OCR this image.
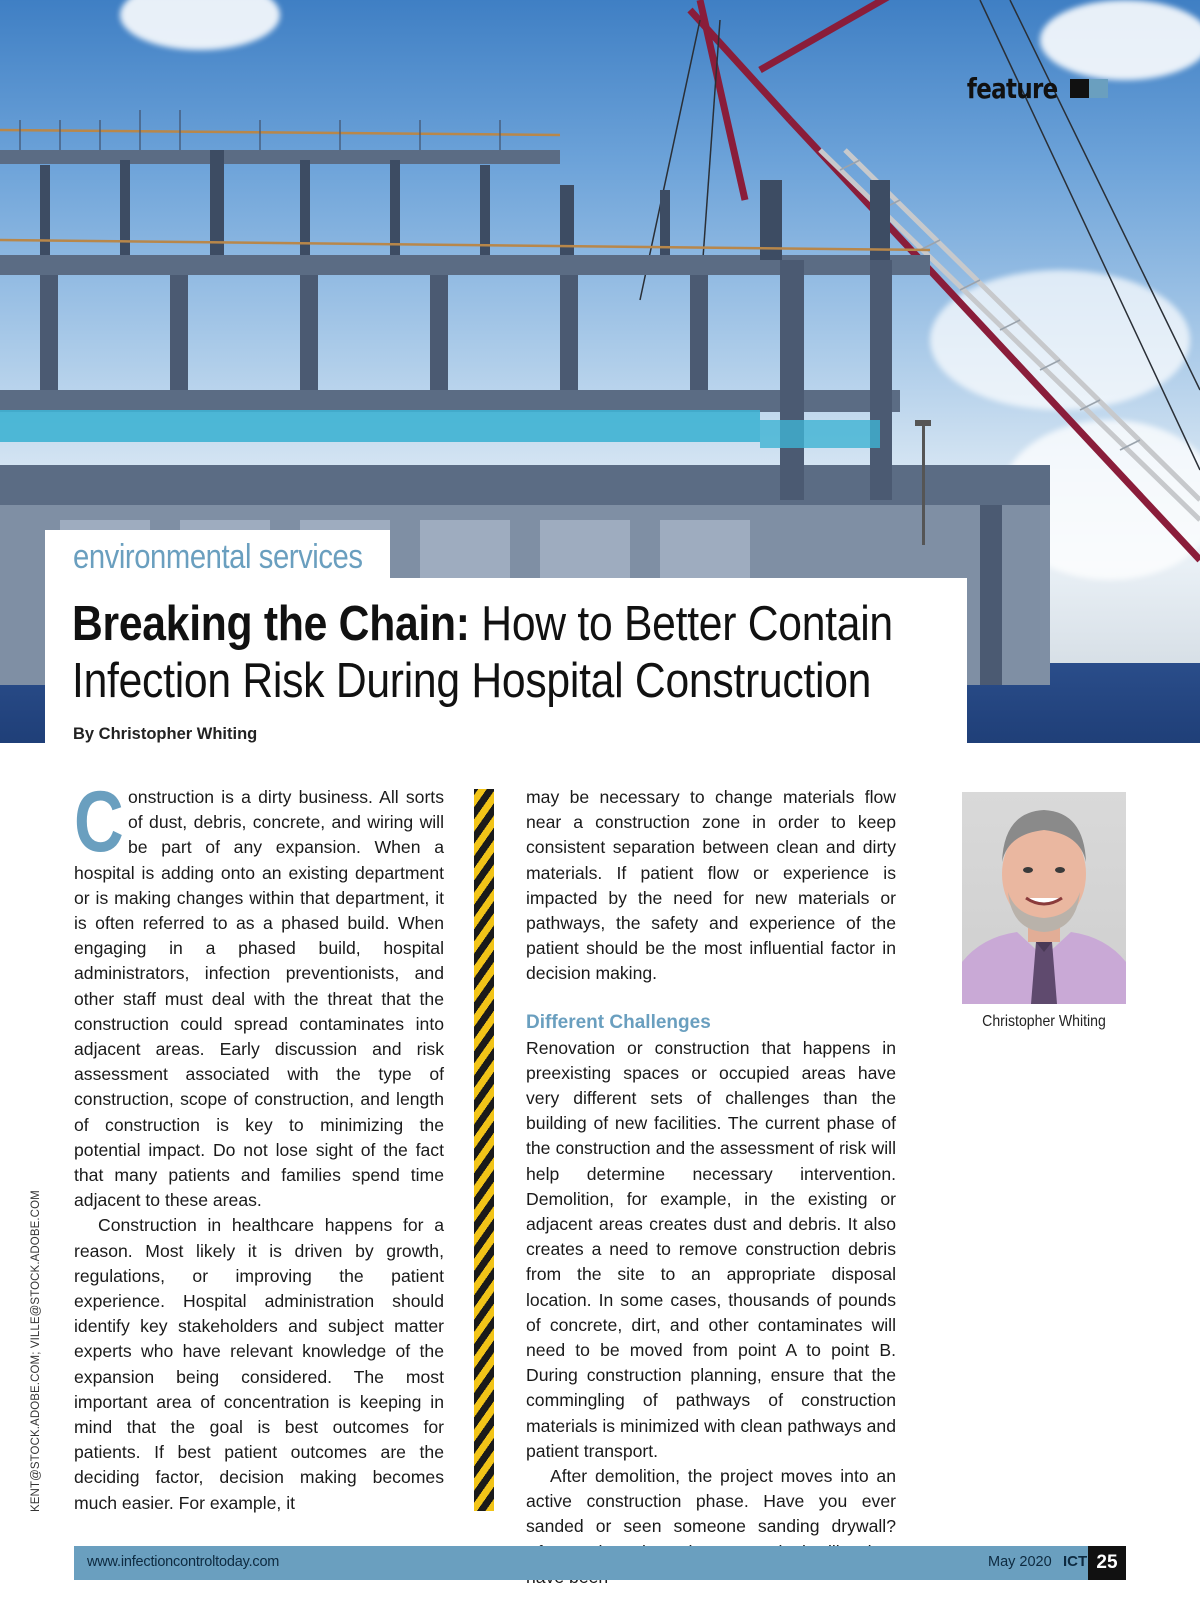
feature
environmental services
Breaking the Chain: How to Better Contain
Infection Risk During Hospital Construction
By Christopher Whiting

Construction is a dirty business. All sorts of dust, debris, concrete, and wiring will be part of any expansion. When a hospital is adding onto an existing department or is making changes within that department, it is often referred to as a phased build. When engaging in a phased build, hospital administrators, infection preventionists, and other staff must deal with the threat that the construction could spread contaminates into adjacent areas. Early discussion and risk assessment associated with the type of construction, scope of construction, and length of construction is key to minimizing the potential impact. Do not lose sight of the fact that many patients and families spend time adjacent to these areas.

Construction in healthcare happens for a reason. Most likely it is driven by growth, regulations, or improving the patient experience. Hospital administration should identify key stakeholders and subject matter experts who have relevant knowledge of the expansion being considered. The most important area of concentration is keeping in mind that the goal is best outcomes for patients. If best patient outcomes are the deciding factor, decision making becomes much easier. For example, it

may be necessary to change materials flow near a construction zone in order to keep consistent separation between clean and dirty materials. If patient flow or experience is impacted by the need for new materials or pathways, the safety and experience of the patient should be the most influential factor in decision making.

Different Challenges

Renovation or construction that happens in preexisting spaces or occupied areas have very different sets of challenges than the building of new facilities. The current phase of the construction and the assessment of risk will help determine necessary intervention. Demolition, for example, in the existing or adjacent areas creates dust and debris. It also creates a need to remove construction debris from the site to an appropriate disposal location. In some cases, thousands of pounds of concrete, dirt, and other contaminates will need to be moved from point A to point B. During construction planning, ensure that the commingling of pathways of construction materials is minimized with clean pathways and patient transport.

After demolition, the project moves into an active construction phase. Have you ever sanded or seen someone sanding drywall?

Christopher Whiting
KENT@STOCK.ADOBE.COM; VILLE@STOCK.ADOBE.COM
www.infectioncontroltoday.com	May 2020 ICT 25
